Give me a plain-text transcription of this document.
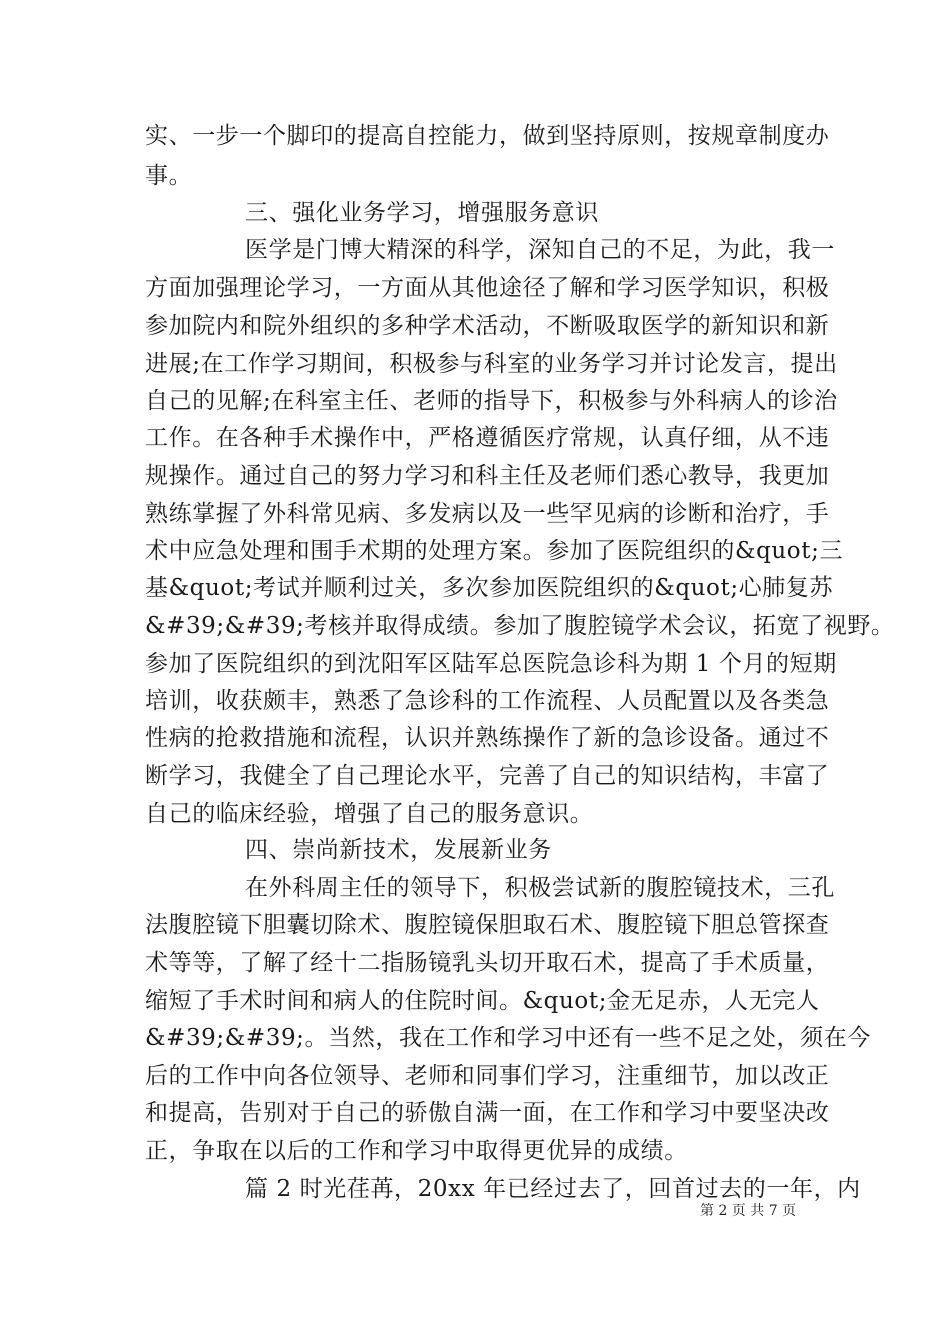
实、一步一个脚印的提高自控能力，做到坚持原则，按规章制度办
事。
三、强化业务学习，增强服务意识
医学是门博大精深的科学，深知自己的不足，为此，我一
方面加强理论学习，一方面从其他途径了解和学习医学知识，积极
参加院内和院外组织的多种学术活动，不断吸取医学的新知识和新
进展;在工作学习期间，积极参与科室的业务学习并讨论发言，提出
自己的见解;在科室主任、老师的指导下，积极参与外科病人的诊治
工作。在各种手术操作中，严格遵循医疗常规，认真仔细，从不违
规操作。通过自己的努力学习和科主任及老师们悉心教导，我更加
熟练掌握了外科常见病、多发病以及一些罕见病的诊断和治疗，手
术中应急处理和围手术期的处理方案。参加了医院组织的&quot;三
基&quot;考试并顺利过关，多次参加医院组织的&quot;心肺复苏
&#39;&#39;考核并取得成绩。参加了腹腔镜学术会议，拓宽了视野。
参加了医院组织的到沈阳军区陆军总医院急诊科为期 1 个月的短期
培训，收获颇丰，熟悉了急诊科的工作流程、人员配置以及各类急
性病的抢救措施和流程，认识并熟练操作了新的急诊设备。通过不
断学习，我健全了自己理论水平，完善了自己的知识结构，丰富了
自己的临床经验，增强了自己的服务意识。
四、崇尚新技术，发展新业务
在外科周主任的领导下，积极尝试新的腹腔镜技术，三孔
法腹腔镜下胆囊切除术、腹腔镜保胆取石术、腹腔镜下胆总管探查
术等等，了解了经十二指肠镜乳头切开取石术，提高了手术质量，
缩短了手术时间和病人的住院时间。&quot;金无足赤，人无完人
&#39;&#39;。当然，我在工作和学习中还有一些不足之处，须在今
后的工作中向各位领导、老师和同事们学习，注重细节，加以改正
和提高，告别对于自己的骄傲自满一面，在工作和学习中要坚决改
正，争取在以后的工作和学习中取得更优异的成绩。
篇 2 时光荏苒，20xx 年已经过去了，回首过去的一年，内
第 2 页 共 7 页
